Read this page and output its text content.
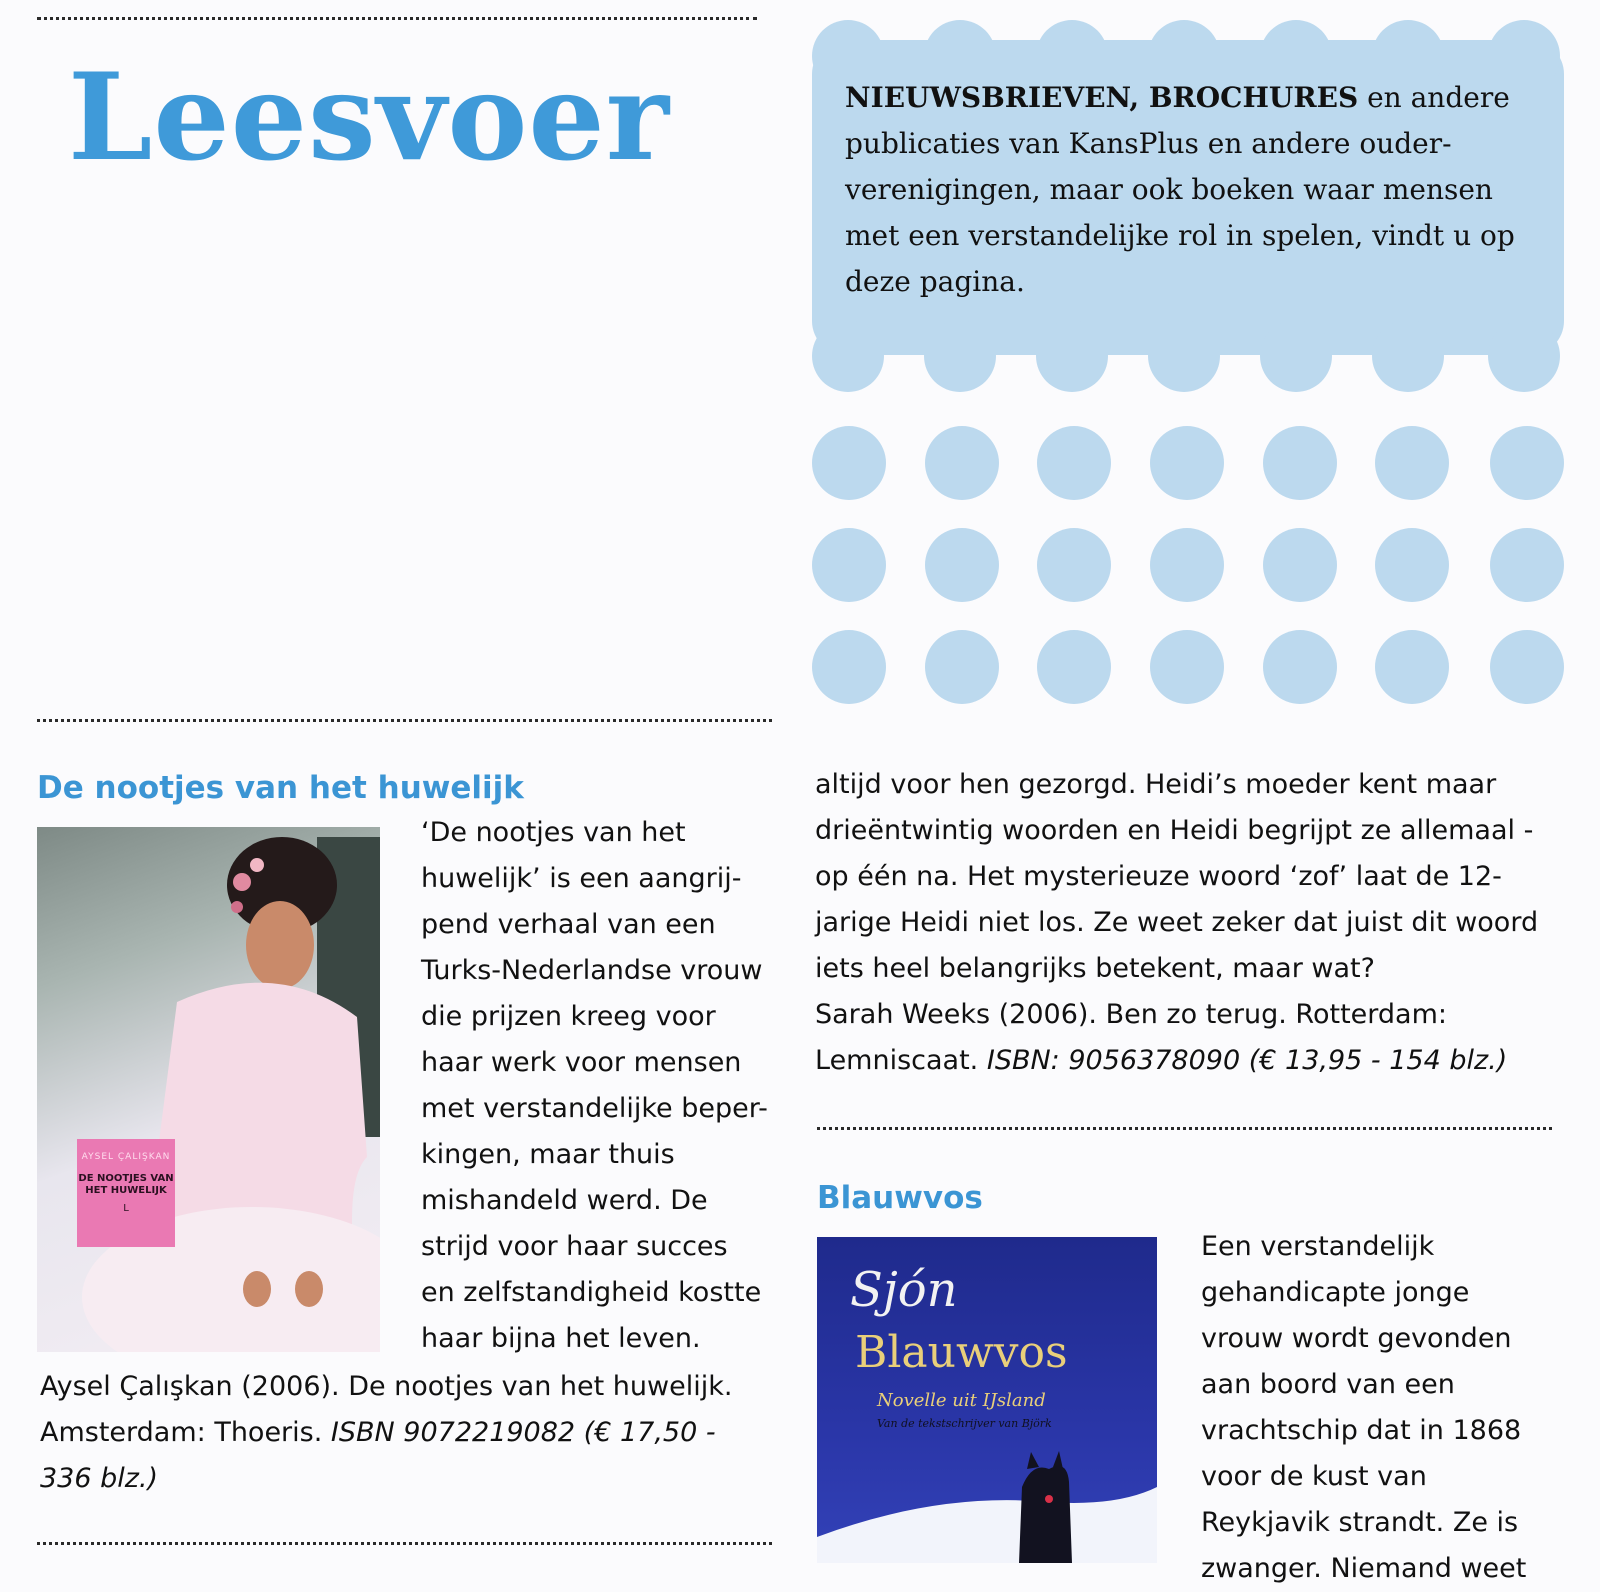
Leesvoer	NIEUWSBRIEVEN, BROCHURES en andere publicaties van KansPlus en andere ouderverenigingen, maar ook boeken waar mensen met een verstandelijke rol in spelen, vindt u op deze pagina.

De nootjes van het huwelijk
AYSEL ÇALIŞKAN
DE NOOTJES VAN HET HUWELIJK
L

‘De nootjes van het

huwelijk’ is een aangrij-

pend verhaal van een

Turks-Nederlandse vrouw

die prijzen kreeg voor

haar werk voor mensen

met verstandelijke beper-

kingen, maar thuis

mishandeld werd. De

strijd voor haar succes

en zelfstandigheid kostte

haar bijna het leven.

Aysel Çalışkan (2006). De nootjes van het huwelijk. Amsterdam: Thoeris. ISBN 9072219082 (€ 17,50 - 336 blz.)

altijd voor hen gezorgd. Heidi’s moeder kent maar drieëntwintig woorden en Heidi begrijpt ze allemaal - op één na. Het mysterieuze woord ‘zof’ laat de 12-jarige Heidi niet los. Ze weet zeker dat juist dit woord iets heel belangrijks betekent, maar wat?

Sarah Weeks (2006). Ben zo terug. Rotterdam: Lemniscaat. ISBN: 9056378090 (€ 13,95 - 154 blz.)

Blauwvos
Sjón
Blauwvos
Novelle uit IJsland
Van de tekstschrijver van Björk

Een verstandelijk

gehandicapte jonge

vrouw wordt gevonden

aan boord van een

vrachtschip dat in 1868

voor de kust van

Reykjavik strandt. Ze is

zwanger. Niemand weet
